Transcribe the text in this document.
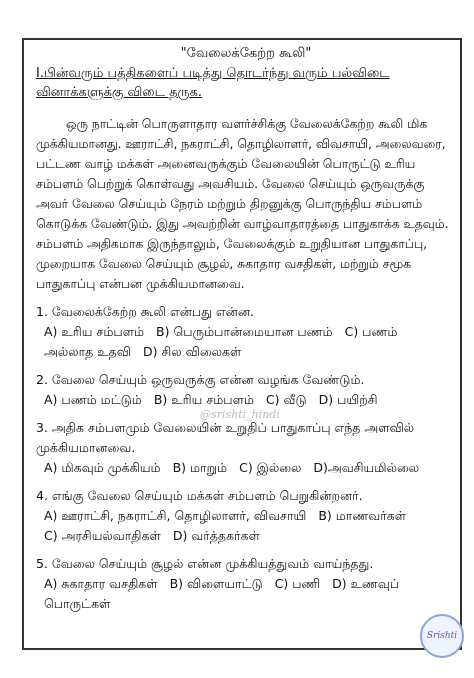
"வேலைக்கேற்ற கூலி"
I.பின்வரும் பத்திகளைப் படித்து தொடர்ந்து வரும் பல்விடை வினாக்களுக்கு விடை தருக.
ஒரு நாட்டின் பொருளாதார வளர்ச்சிக்கு வேலைக்கேற்ற கூலி மிக முக்கியமானது. ஊராட்சி, நகராட்சி, தொழிலாளர், விவசாயி, அலைவரை, பட்டண வாழ் மக்கள் அனைவருக்கும் வேலையின் பொருட்டு உரிய சம்பளம் பெற்றுக் கொள்வது அவசியம். வேலை செய்யும் ஒருவருக்கு அவர் வேலை செய்யும் நேரம் மற்றும் திறனுக்கு பொருந்திய சம்பளம் கொடுக்க வேண்டும். இது அவற்றின் வாழ்வாதாரத்தை பாதுகாக்க உதவும். சம்பளம் அதிகமாக இருந்தாலும், வேலைக்கும் உறுதியான பாதுகாப்பு, முறையாக வேலை செய்யும் சூழல், சுகாதார வசதிகள், மற்றும் சமூக பாதுகாப்பு என்பன முக்கியமானவை.
1. வேலைக்கேற்ற கூலி என்பது என்ன.
A) உரிய சம்பளம் B) பெரும்பான்மையான பணம் C) பணம்
அல்லாத உதவி D) சில விலைகள்
2. வேலை செய்யும் ஒருவருக்கு என்ன வழங்க வேண்டும்.
A) பணம் மட்டும் B) உரிய சம்பளம் C) வீடு D) பயிற்சி
3. அதிக சம்பளமும் வேலையின் உறுதிப் பாதுகாப்பு எந்த அளவில் முக்கியமானவை.
A) மிகவும் முக்கியம் B) மாறும் C) இல்லை D)அவசியமில்லை
4. எங்கு வேலை செய்யும் மக்கள் சம்பளம் பெறுகின்றனர்.
A) ஊராட்சி, நகராட்சி, தொழிலாளர், விவசாயி B) மாணவர்கள்
C) அரசியல்வாதிகள் D) வர்த்தகர்கள்
5. வேலை செய்யும் சூழல் என்ன முக்கியத்துவம் வாய்ந்தது.
A) சுகாதார வசதிகள் B) விளையாட்டு C) பணி D) உணவுப்
பொருட்கள்
@srishti_hindi
Srishti
